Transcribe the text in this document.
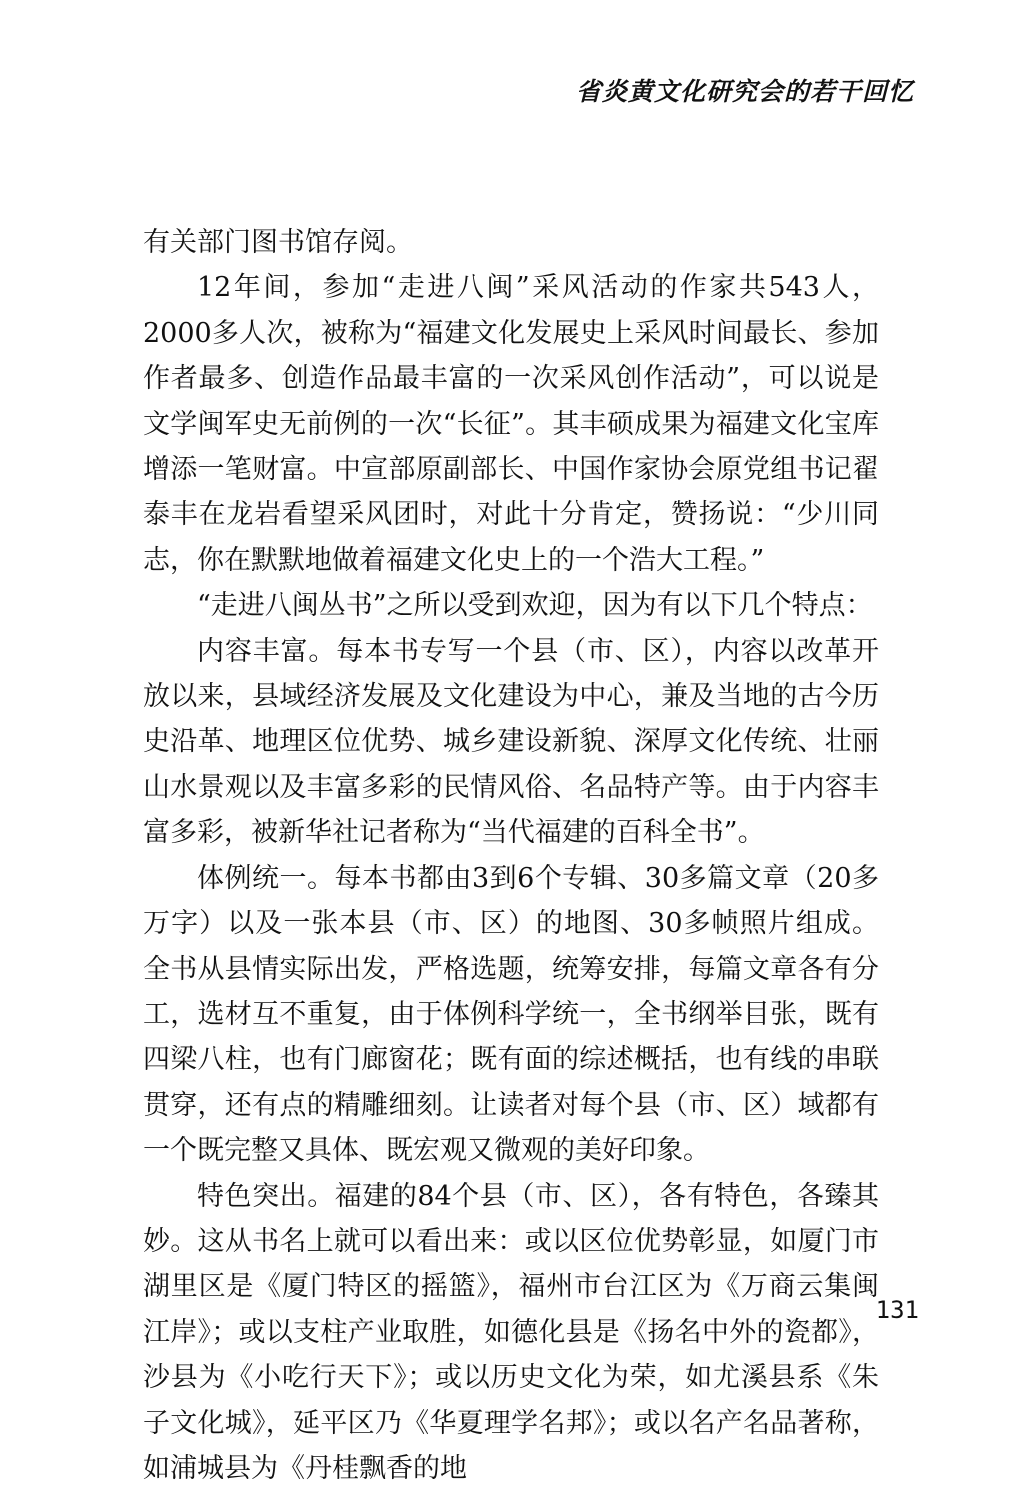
省炎黄文化研究会的若干回忆

有关部门图书馆存阅。

12年间，参加“走进八闽”采风活动的作家共543人，2000多人次，被称为“福建文化发展史上采风时间最长、参加作者最多、创造作品最丰富的一次采风创作活动”，可以说是文学闽军史无前例的一次“长征”。其丰硕成果为福建文化宝库增添一笔财富。中宣部原副部长、中国作家协会原党组书记翟泰丰在龙岩看望采风团时，对此十分肯定，赞扬说：“少川同志，你在默默地做着福建文化史上的一个浩大工程。”

“走进八闽丛书”之所以受到欢迎，因为有以下几个特点：

内容丰富。每本书专写一个县（市、区），内容以改革开放以来，县域经济发展及文化建设为中心，兼及当地的古今历史沿革、地理区位优势、城乡建设新貌、深厚文化传统、壮丽山水景观以及丰富多彩的民情风俗、名品特产等。由于内容丰富多彩，被新华社记者称为“当代福建的百科全书”。

体例统一。每本书都由3到6个专辑、30多篇文章（20多万字）以及一张本县（市、区）的地图、30多帧照片组成。全书从县情实际出发，严格选题，统筹安排，每篇文章各有分工，选材互不重复，由于体例科学统一，全书纲举目张，既有四梁八柱，也有门廊窗花；既有面的综述概括，也有线的串联贯穿，还有点的精雕细刻。让读者对每个县（市、区）域都有一个既完整又具体、既宏观又微观的美好印象。

特色突出。福建的84个县（市、区），各有特色，各臻其妙。这从书名上就可以看出来：或以区位优势彰显，如厦门市湖里区是《厦门特区的摇篮》，福州市台江区为《万商云集闽江岸》；或以支柱产业取胜，如德化县是《扬名中外的瓷都》，沙县为《小吃行天下》；或以历史文化为荣，如尤溪县系《朱子文化城》，延平区乃《华夏理学名邦》；或以名产名品著称，如浦城县为《丹桂飘香的地

131
